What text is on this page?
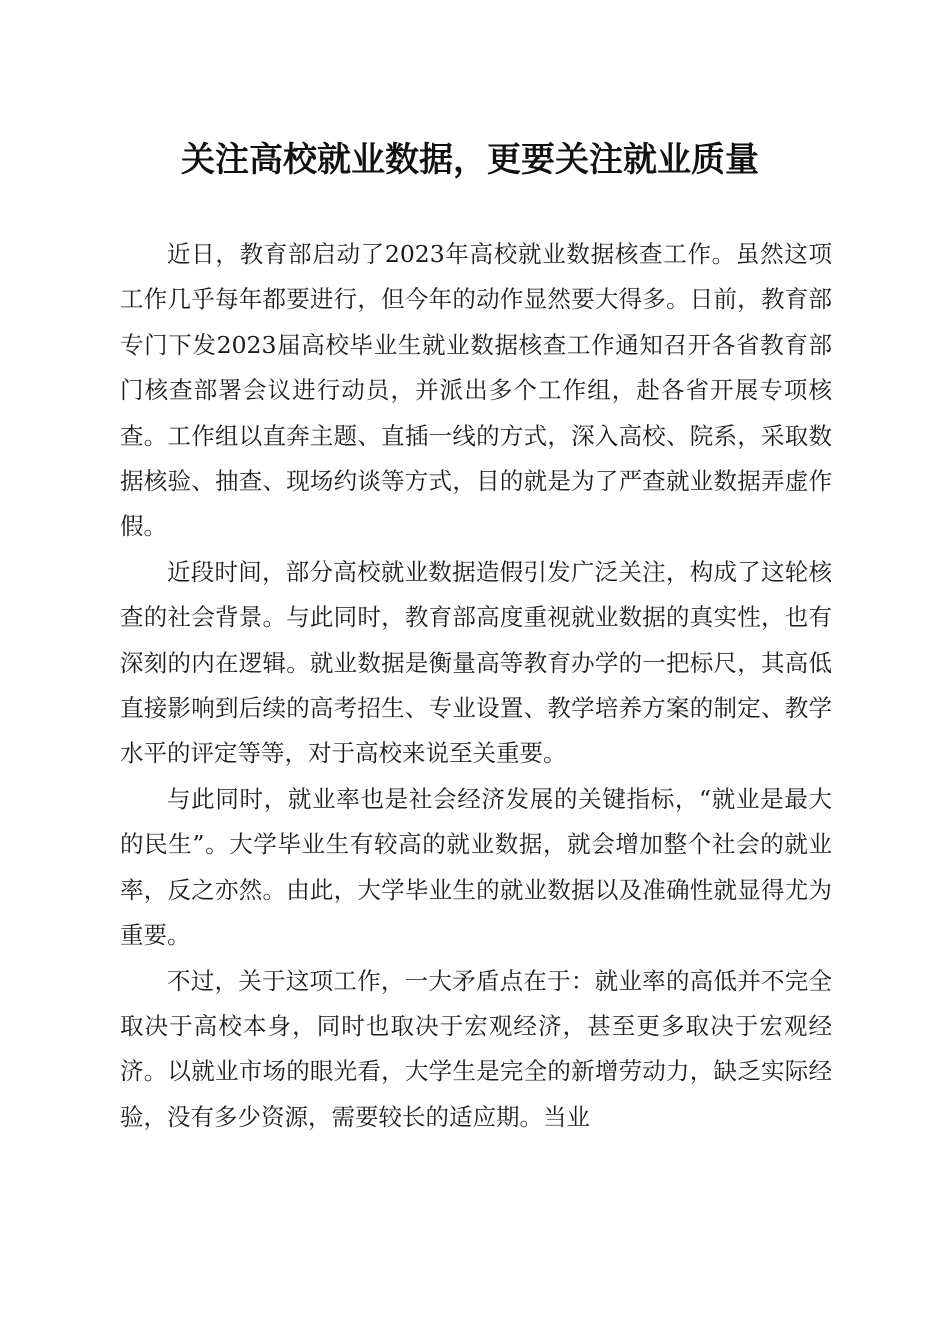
关注高校就业数据，更要关注就业质量

近日，教育部启动了2023年高校就业数据核查工作。虽然这项工作几乎每年都要进行，但今年的动作显然要大得多。日前，教育部专门下发2023届高校毕业生就业数据核查工作通知召开各省教育部门核查部署会议进行动员，并派出多个工作组，赴各省开展专项核查。工作组以直奔主题、直插一线的方式，深入高校、院系，采取数据核验、抽查、现场约谈等方式，目的就是为了严查就业数据弄虚作假。

近段时间，部分高校就业数据造假引发广泛关注，构成了这轮核查的社会背景。与此同时，教育部高度重视就业数据的真实性，也有深刻的内在逻辑。就业数据是衡量高等教育办学的一把标尺，其高低直接影响到后续的高考招生、专业设置、教学培养方案的制定、教学水平的评定等等，对于高校来说至关重要。

与此同时，就业率也是社会经济发展的关键指标，“就业是最大的民生”。大学毕业生有较高的就业数据，就会增加整个社会的就业率，反之亦然。由此，大学毕业生的就业数据以及准确性就显得尤为重要。

不过，关于这项工作，一大矛盾点在于：就业率的高低并不完全取决于高校本身，同时也取决于宏观经济，甚至更多取决于宏观经济。以就业市场的眼光看，大学生是完全的新增劳动力，缺乏实际经验，没有多少资源，需要较长的适应期。当业
